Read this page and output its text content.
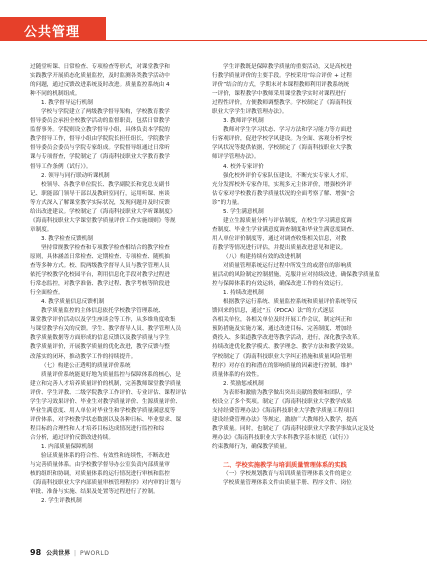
公共管理

过随堂听课、日常检查、专项检查等形式，对课堂教学和

实践教学开展质态化质量监控，及时监测各类教学活动中

的问题，通过反馈改进系统及时改进。质量监控系统由 4

种不同的机制组成。

1. 教学督导运行机制

学校与学院建立了两级教学督导架构，学校教育教学

督导委员会承担全校教学活动的监督职责，包括日常教学

监督事务。学院则设立教学督导小组，具体负责本学院的

教学督导工作，督导小组由学院院长担任组长，学院教学

督导委员会委员与学院专家组成。学院督导组通过日常听

课与专项督查，学院制定了《海南科技职业大学教育教学

督导工作条例（试行）》。

2. 领导与同行联动听课机制

校领导、各教学单位院长、教学副院长和党总支副书

记、职能部门领导干部以及教研室同行，运用听课、座谈

等方式深入了解课堂教学实际状况，发现问题并及时反馈

给出改进建议。学校制定了《海南科技职业大学听课制度》

《海南科技职业大学课堂教学质量评价工作实施细则》等规

章制度。

3. 教学检查反馈机制

坚持常规教学检查和专项教学检查相结合的教学检查

原则，具体涵盖日常检查、定期检查、专项检查、随机抽

查等多种方式。校、院两级教学督导人员与教学管理人员

依托学校教学化校园平台，利用信息化手段对教学过程进

行常态监控，对教学准备、教学过程、教学考核等阶段进

行全面检查。

4. 教学质量信息反馈机制

教学质量监控的主体信息依托学校教学管理系统、

课堂教学评价活动以及学生座谈会等工作，从多维角度收集

与课堂教学有关的反馈。学生、教学督导人员、教学管理人员

教学质量数据等方面形成的信息反馈以及教学质量与学生

教学质量评价，开展教学质量的优化改进，教学反馈与整

改落实的闭环，推动教学工作的持续提升。

（七）构建公正透明的质量评价系统

质量评价系统能更好地为质量监控与保障体系的核心，是

建立和完善人才培养质量评价的机制，完善教师课堂教学质量

评价、学生评教、二级学院教学工作评价、专业评估、课程评估

学生学习效果评价、毕业生对教学质量评价、生源质量评价、

毕业生满意度、用人单位对毕业生和学校教学质量满意度等

评价体系，对学校教学状态数据以及各种日标、毕业要求、课

程目标的合理性和人才培养目标达成情况进行监控和综

合分析，通过评价反馈改进持续。

1. 内部质量保障机制

验证质量体系的符合性、有效性和连续性，不断改进

与完善质量体系。由学校教学督导办公室负责内部质量审

核的组织和协调，对质量体系的运行情况进行审核和监控

《海南科技职业大学内部质量审核管理程序》对内审的计划与

审批、准备与实施、结果及处置等过程进行了控制。

2. 学生评教机制

学生评教既是保障教学质量的重要活动，又是高校进

行教学质量评价的主要手段。学校采用“综合评价 + 过程

评价”结合的方式，学期末对本课程教师利用评教系统统

一评价，课程教学中教师采用课堂教学实时对课程进行

过程性评价，方便教师调整教学。学校制定了《海南科技

职业大学学生评教管理办法》。

3. 教师评学机制

教师对学生学习状态、学习方法和学习能力等方面进

行客观评价，促进学校学风建设。为全面、客观分析学校

学风状况等提供依据，学校制定了《海南科技职业大学教

师评学管理办法》。

4. 校外专家评价

强化校外评价专家队伍建设，不断充实专家人才库，

充分发挥校外专家作用，实现多元主体评价，增强校外评

估专家对学校教育教学质量状况的全面考察了解、增强“会

诊”的力量。

5. 学生满意机制

建立生源质量分析与评估制度，在校生学习满意度调

查制度、毕业生学业满意度调查制度和毕业生满意度调查、

用人单位评价制度等，通过对调查收集相关信息，对教

育教学等情况进行评估，并提出质量改进意见和建议。

（八）构建持续有效的改进机制

对质量管理系统运行过程中所发生的或潜在的影响质

量活动的风险制定控制措施，克服并应对持续改进，确保教学质量监

控与保障体系的有效运转，确保改进工作的有效运行。

1. 持续改进机制

根据教学运行系统、质量监控系统和质量评价系统等反

馈回来的信息，通过“五（PDCA）法”的方式逐层

各相关单位，各相关单位及时开展工作会议，制定纠正和

预防措施及实施方案，通过改进目标、完善制度、增加经

费投入、多渠道教学改进等教学活动，进行，深化教学改革。

持续改进优化教学模式、教学理念、教学方法和教学效果。

学校制定了《海南科技职业大学纠正措施和质量风险管理

程序》对存在的和潜在的影响质量的因素进行控制，维护

质量体系的有效性。

2. 奖励惩戒机制

为表彰和激励为教学做出突出贡献的教师和团队，学

校设立了多个奖项。制定了《海南科技职业大学教学成果

支持经费管理办法》《海南科技职业大学教学质量工程项目

建设经费管理办法》等规定，激励广大教师投入教学，提高

教学质量。同时，也制定了《海南科技职业大学教学事故认定及处

理办法》《海南科技职业大学本科教学基本规范（试行）》

约束教师行为，确保教学质量。

二、学校实施教学与培训质量管理体系的实践

（一）学校规划教育与培训质量管理体系文件的建立

学校质量管理体系文件由质量手册、程序文件、岗位

98 公共世界 | PWORLD
